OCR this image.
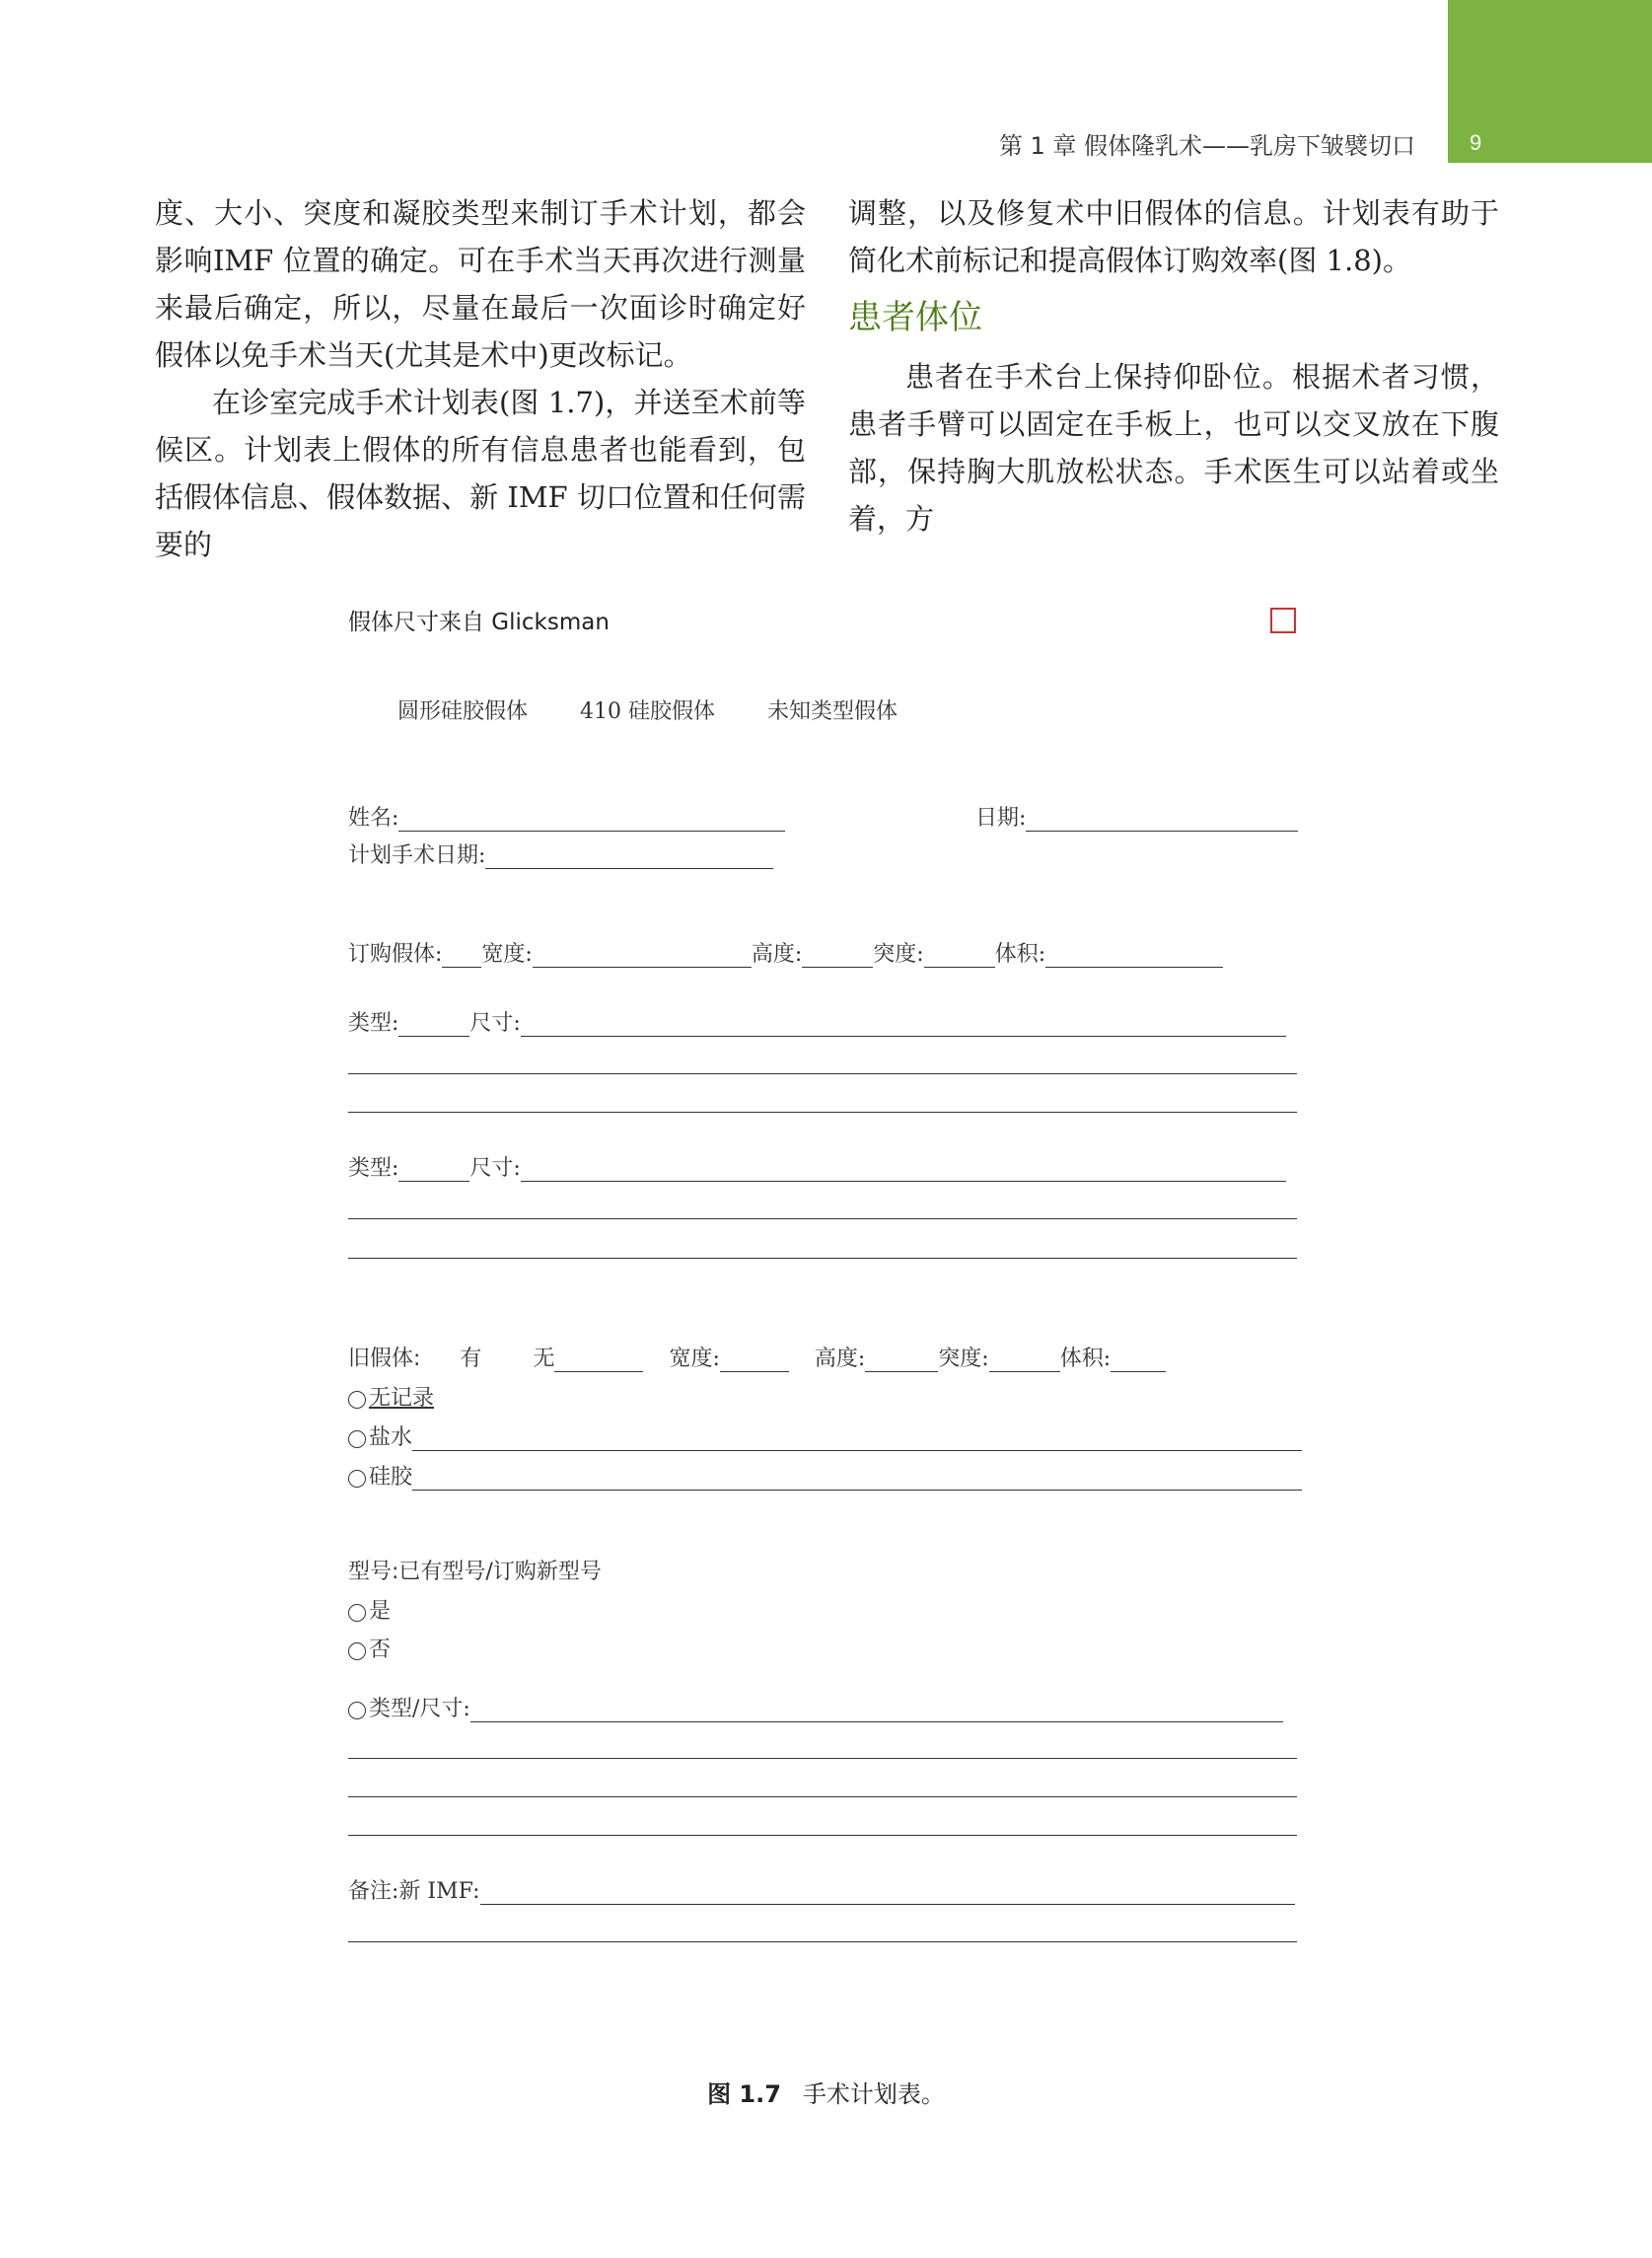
9
第 1 章 假体隆乳术——乳房下皱襞切口

度、大小、突度和凝胶类型来制订手术计划，都会影响IMF 位置的确定。可在手术当天再次进行测量来最后确定，所以，尽量在最后一次面诊时确定好假体以免手术当天(尤其是术中)更改标记。

在诊室完成手术计划表(图 1.7)，并送至术前等候区。计划表上假体的所有信息患者也能看到，包括假体信息、假体数据、新 IMF 切口位置和任何需要的

调整，以及修复术中旧假体的信息。计划表有助于简化术前标记和提高假体订购效率(图 1.8)。

患者体位

患者在手术台上保持仰卧位。根据术者习惯，患者手臂可以固定在手板上，也可以交叉放在下腹部，保持胸大肌放松状态。手术医生可以站着或坐着，方

假体尺寸来自 Glicksman
圆形硅胶假体 410 硅胶假体 未知类型假体
姓名:	日期:
计划手术日期:
订购假体: 宽度:	高度:	突度:	体积:
类型:	尺寸:
类型:	尺寸:
旧假体: 有 无	宽度:	高度:	突度:	体积:
无记录
盐水
硅胶
型号:已有型号/订购新型号
是
否
类型/尺寸:
备注:新 IMF:
图 1.7 手术计划表。
